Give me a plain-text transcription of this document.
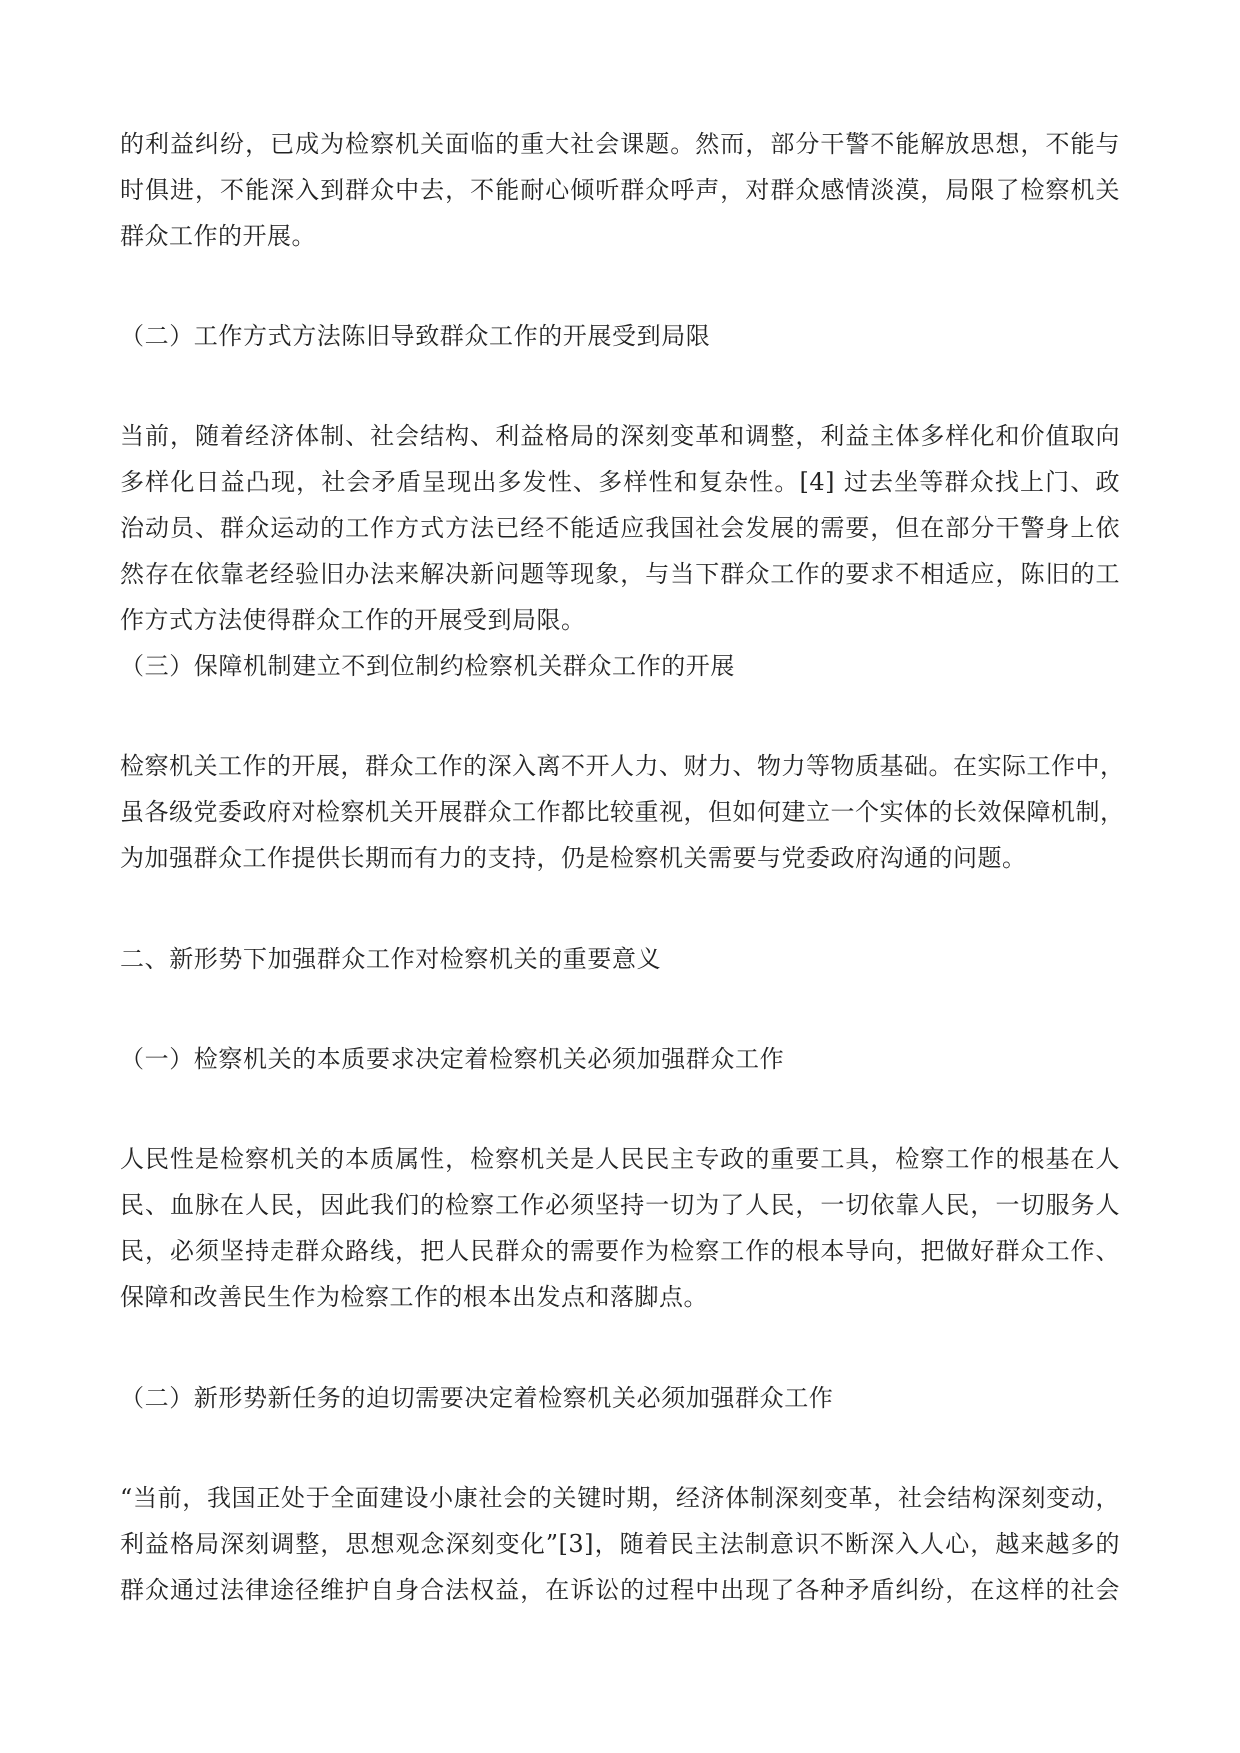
的利益纠纷，已成为检察机关面临的重大社会课题。然而，部分干警不能解放思想，不能与
时俱进，不能深入到群众中去，不能耐心倾听群众呼声，对群众感情淡漠，局限了检察机关
群众工作的开展。
（二）工作方式方法陈旧导致群众工作的开展受到局限
当前，随着经济体制、社会结构、利益格局的深刻变革和调整，利益主体多样化和价值取向
多样化日益凸现，社会矛盾呈现出多发性、多样性和复杂性。[4] 过去坐等群众找上门、政
治动员、群众运动的工作方式方法已经不能适应我国社会发展的需要，但在部分干警身上依
然存在依靠老经验旧办法来解决新问题等现象，与当下群众工作的要求不相适应，陈旧的工
作方式方法使得群众工作的开展受到局限。
（三）保障机制建立不到位制约检察机关群众工作的开展
检察机关工作的开展，群众工作的深入离不开人力、财力、物力等物质基础。在实际工作中，
虽各级党委政府对检察机关开展群众工作都比较重视，但如何建立一个实体的长效保障机制，
为加强群众工作提供长期而有力的支持，仍是检察机关需要与党委政府沟通的问题。
二、新形势下加强群众工作对检察机关的重要意义
（一）检察机关的本质要求决定着检察机关必须加强群众工作
人民性是检察机关的本质属性，检察机关是人民民主专政的重要工具，检察工作的根基在人
民、血脉在人民，因此我们的检察工作必须坚持一切为了人民，一切依靠人民，一切服务人
民，必须坚持走群众路线，把人民群众的需要作为检察工作的根本导向，把做好群众工作、
保障和改善民生作为检察工作的根本出发点和落脚点。
（二）新形势新任务的迫切需要决定着检察机关必须加强群众工作
“当前，我国正处于全面建设小康社会的关键时期，经济体制深刻变革，社会结构深刻变动，
利益格局深刻调整，思想观念深刻变化”[3]，随着民主法制意识不断深入人心，越来越多的
群众通过法律途径维护自身合法权益，在诉讼的过程中出现了各种矛盾纠纷，在这样的社会
